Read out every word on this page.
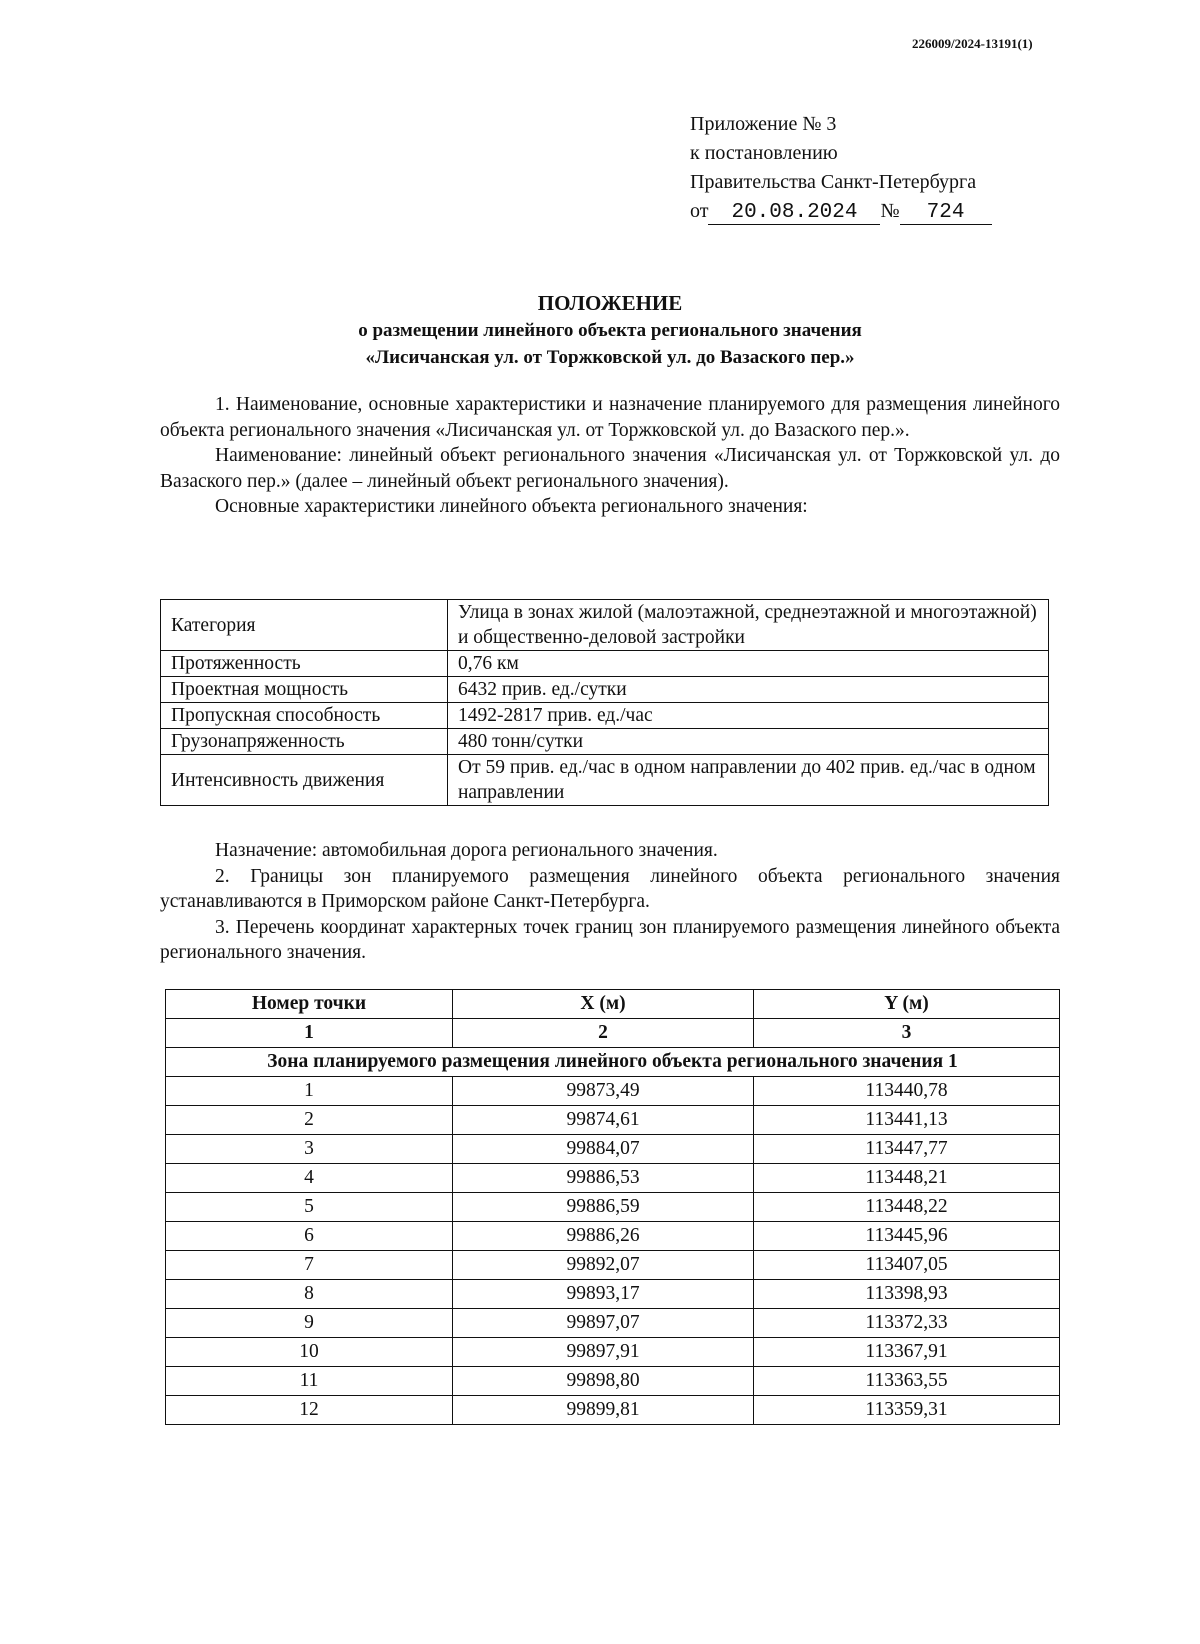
226009/2024-13191(1)
Приложение № 3
к постановлению
Правительства Санкт-Петербурга
от 20.08.2024 № 724
ПОЛОЖЕНИЕ
о размещении линейного объекта регионального значения
«Лисичанская ул. от Торжковской ул. до Вазаского пер.»

1. Наименование, основные характеристики и назначение планируемого для размещения линейного объекта регионального значения «Лисичанская ул. от Торжковской ул. до Вазаского пер.».

Наименование: линейный объект регионального значения «Лисичанская ул. от Торжковской ул. до Вазаского пер.» (далее – линейный объект регионального значения).

Основные характеристики линейного объекта регионального значения:

Категория	Улица в зонах жилой (малоэтажной, среднеэтажной и многоэтажной) и общественно-деловой застройки
Протяженность	0,76 км
Проектная мощность	6432 прив. ед./сутки
Пропускная способность	1492-2817 прив. ед./час
Грузонапряженность	480 тонн/сутки
Интенсивность движения	От 59 прив. ед./час в одном направлении до 402 прив. ед./час в одном направлении

Назначение: автомобильная дорога регионального значения.

2. Границы зон планируемого размещения линейного объекта регионального значения устанавливаются в Приморском районе Санкт-Петербурга.

3. Перечень координат характерных точек границ зон планируемого размещения линейного объекта регионального значения.

Номер точки	X (м)	Y (м)
1	2	3
Зона планируемого размещения линейного объекта регионального значения 1		
1	99873,49	113440,78
2	99874,61	113441,13
3	99884,07	113447,77
4	99886,53	113448,21
5	99886,59	113448,22
6	99886,26	113445,96
7	99892,07	113407,05
8	99893,17	113398,93
9	99897,07	113372,33
10	99897,91	113367,91
11	99898,80	113363,55
12	99899,81	113359,31
